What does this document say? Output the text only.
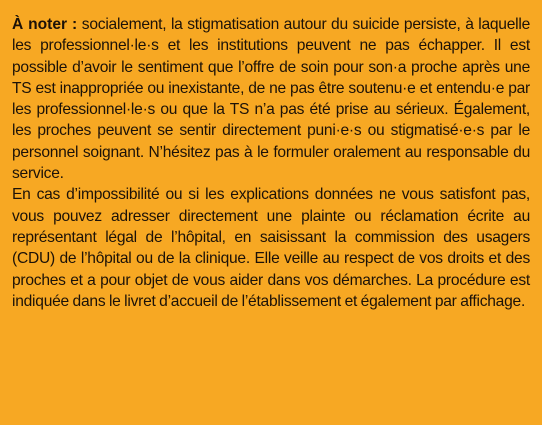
À noter : socialement, la stigmatisation autour du suicide persiste, à laquelle les professionnel·le·s et les institutions peuvent ne pas échapper. Il est possible d’avoir le sentiment que l’offre de soin pour son·a proche après une TS est inappropriée ou inexistante, de ne pas être soutenu·e et entendu·e par les professionnel·le·s ou que la TS n’a pas été prise au sérieux. Également, les proches peuvent se sentir directement puni·e·s ou stigmatisé·e·s par le personnel soignant. N’hésitez pas à le formuler oralement au responsable du service.

En cas d’impossibilité ou si les explications données ne vous satisfont pas, vous pouvez adresser directement une plainte ou réclamation écrite au représentant légal de l’hôpital, en saisissant la commission des usagers (CDU) de l’hôpital ou de la clinique. Elle veille au respect de vos droits et des proches et a pour objet de vous aider dans vos démarches. La procédure est indiquée dans le livret d’accueil de l’établissement et également par affichage.
